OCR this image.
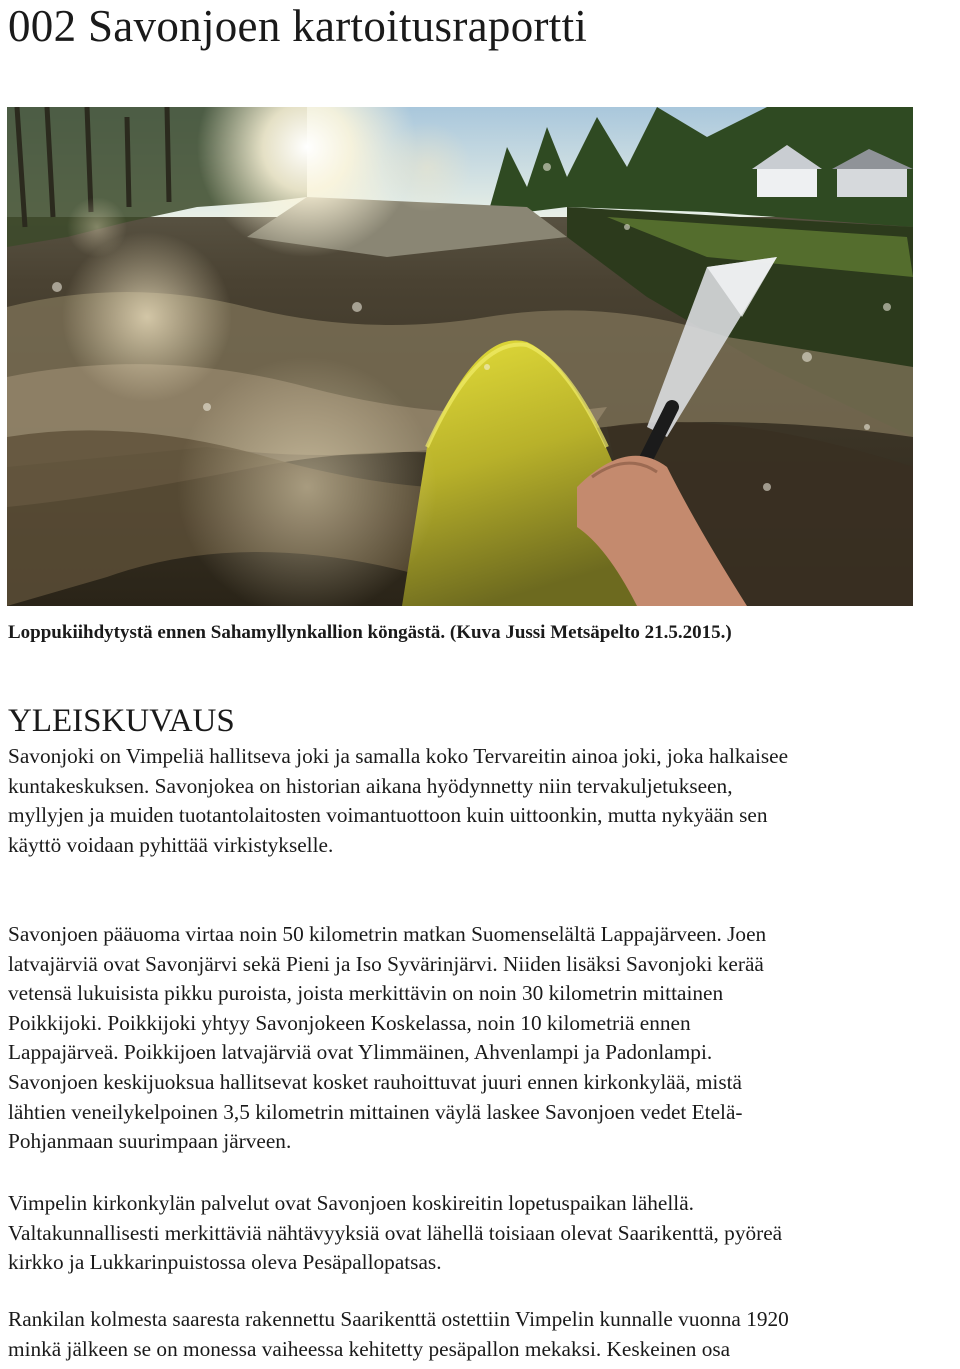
002 Savonjoen kartoitusraportti

Loppukiihdytystä ennen Sahamyllynkallion köngästä. (Kuva Jussi Metsäpelto 21.5.2015.)

YLEISKUVAUS

Savonjoki on Vimpeliä hallitseva joki ja samalla koko Tervareitin ainoa joki, joka halkaisee
kuntakeskuksen. Savonjokea on historian aikana hyödynnetty niin tervakuljetukseen,
myllyjen ja muiden tuotantolaitosten voimantuottoon kuin uittoonkin, mutta nykyään sen
käyttö voidaan pyhittää virkistykselle.

Savonjoen pääuoma virtaa noin 50 kilometrin matkan Suomenselältä Lappajärveen. Joen
latvajärviä ovat Savonjärvi sekä Pieni ja Iso Syvärinjärvi. Niiden lisäksi Savonjoki kerää
vetensä lukuisista pikku puroista, joista merkittävin on noin 30 kilometrin mittainen
Poikkijoki. Poikkijoki yhtyy Savonjokeen Koskelassa, noin 10 kilometriä ennen
Lappajärveä. Poikkijoen latvajärviä ovat Ylimmäinen, Ahvenlampi ja Padonlampi.
Savonjoen keskijuoksua hallitsevat kosket rauhoittuvat juuri ennen kirkonkylää, mistä
lähtien veneilykelpoinen 3,5 kilometrin mittainen väylä laskee Savonjoen vedet Etelä-
Pohjanmaan suurimpaan järveen.

Vimpelin kirkonkylän palvelut ovat Savonjoen koskireitin lopetuspaikan lähellä.
Valtakunnallisesti merkittäviä nähtävyyksiä ovat lähellä toisiaan olevat Saarikenttä, pyöreä
kirkko ja Lukkarinpuistossa oleva Pesäpallopatsas.

Rankilan kolmesta saaresta rakennettu Saarikenttä ostettiin Vimpelin kunnalle vuonna 1920
minkä jälkeen se on monessa vaiheessa kehitetty pesäpallon mekaksi. Keskeinen osa
